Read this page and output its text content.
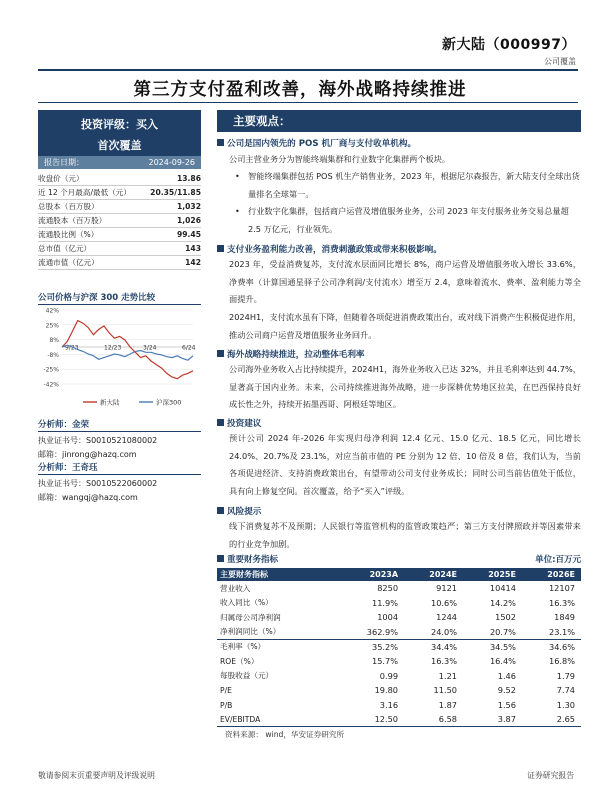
新大陆（000997）
公司覆盖
第三方支付盈利改善，海外战略持续推进
投资评级：买入
首次覆盖
报告日期：	2024-09-26
收盘价（元）	13.86
近 12 个月最高/最低（元）	20.35/11.85
总股本（百万股）	1,032
流通股本（百万股）	1,026
流通股比例（%）	99.45
总市值（亿元）	143
流通市值（亿元）	142
公司价格与沪深 300 走势比较
42%
25%
8%
-8%
-25%
-42%
9/23	12/23	3/24	6/24
新大陆	沪深300
分析师：金荣
执业证书号：S0010521080002
邮箱：jinrong@hazq.com
分析师：王奇珏
执业证书号：S0010522060002
邮箱：wangqj@hazq.com
主要观点：
公司是国内领先的 POS 机厂商与支付收单机构。
公司主营业务分为智能终端集群和行业数字化集群两个板块。
• 智能终端集群包括 POS 机生产销售业务，2023 年，根据尼尔森报告，新大陆支付全球出货量排名全球第一。
• 行业数字化集群，包括商户运营及增值服务业务，公司 2023 年支付服务业务交易总量超 2.5 万亿元，行业领先。
支付业务盈利能力改善，消费刺激政策或带来积极影响。
2023 年，受益消费复苏，支付流水层面同比增长 8%，商户运营及增值服务收入增长 33.6%，净费率（计算国通星驿子公司净利润/支付流水）增至万 2.4，意味着流水、费率、盈利能力等全面提升。
2024H1，支付流水虽有下降，但随着各项促进消费政策出台，或对线下消费产生积极促进作用，推动公司商户运营及增值服务业务回升。
海外战略持续推进，拉动整体毛利率
公司海外业务收入占比持续提升，2024H1，海外业务收入已达 32%，并且毛利率达到 44.7%，显著高于国内业务。未来，公司持续推进海外战略，进一步深耕优势地区拉美，在巴西保持良好成长性之外，持续开拓墨西哥、阿根廷等地区。
投资建议
预计公司 2024 年-2026 年实现归母净利润 12.4 亿元、15.0 亿元、18.5 亿元，同比增长 24.0%、20.7%及 23.1%，对应当前市值的 PE 分别为 12 倍、10 倍及 8 倍，我们认为，当前各项促进经济、支持消费政策出台，有望带动公司支付业务成长；同时公司当前估值处于低位，具有向上修复空间。首次覆盖，给予“买入”评级。
风险提示
线下消费复苏不及预期；人民银行等监管机构的监管政策趋严；第三方支付牌照政并等因素带来的行业竞争加剧。
重要财务指标	单位:百万元
主要财务指标	2023A	2024E	2025E	2026E
营业收入	8250	9121	10414	12107
收入同比（%）	11.9%	10.6%	14.2%	16.3%
归属母公司净利润	1004	1244	1502	1849
净利润同比（%）	362.9%	24.0%	20.7%	23.1%
毛利率（%）	35.2%	34.4%	34.5%	34.6%
ROE（%）	15.7%	16.3%	16.4%	16.8%
每股收益（元）	0.99	1.21	1.46	1.79
P/E	19.80	11.50	9.52	7.74
P/B	3.16	1.87	1.56	1.30
EV/EBITDA	12.50	6.58	3.87	2.65
资料来源： wind，华安证券研究所
敬请参阅末页重要声明及评级说明	证券研究报告
